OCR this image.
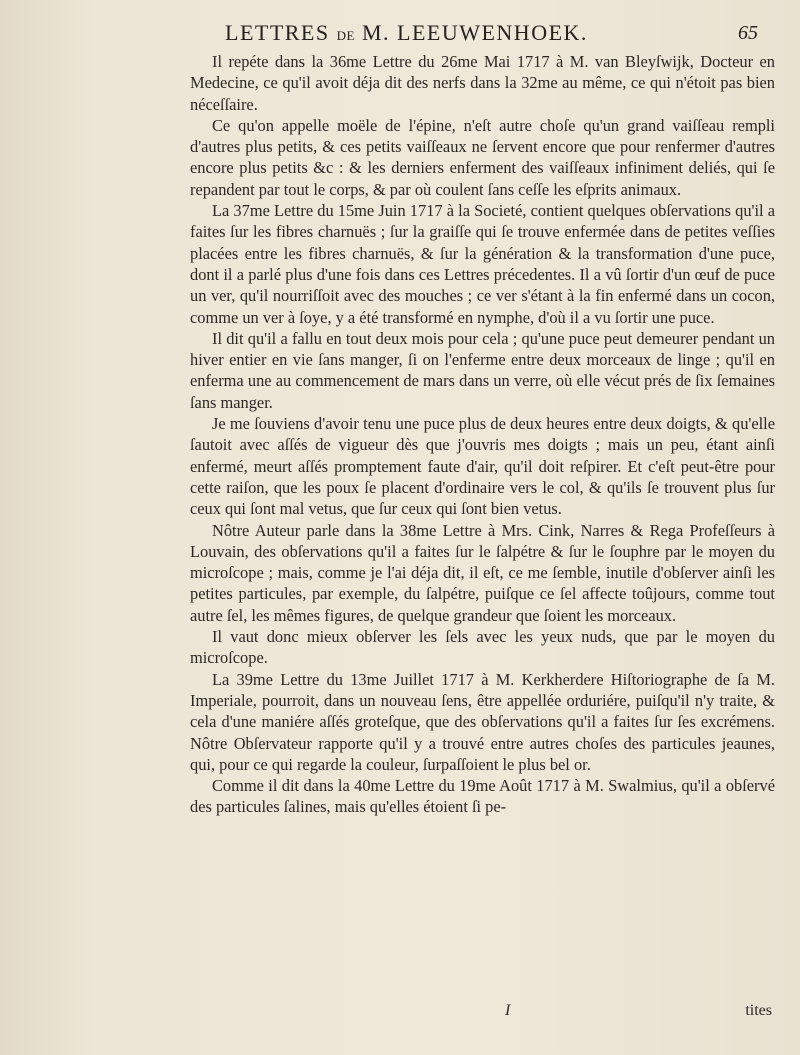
LETTRES DE M. LEEUWENHOEK.	65

Il repéte dans la 36me Lettre du 26me Mai 1717 à M. van Bleyſwijk, Docteur en Medecine, ce qu'il avoit déja dit des nerfs dans la 32me au même, ce qui n'étoit pas bien néceſſaire.

Ce qu'on appelle moële de l'épine, n'eſt autre choſe qu'un grand vaiſſeau rempli d'autres plus petits, & ces petits vaiſſeaux ne ſervent encore que pour renfermer d'autres encore plus petits &c : & les derniers enferment des vaiſſeaux infiniment deliés, qui ſe repandent par tout le corps, & par où coulent ſans ceſſe les eſprits animaux.

La 37me Lettre du 15me Juin 1717 à la Societé, contient quelques obſervations qu'il a faites ſur les fibres charnuës ; ſur la graiſſe qui ſe trouve enfermée dans de petites veſſies placées entre les fibres charnuës, & ſur la génération & la transformation d'une puce, dont il a parlé plus d'une fois dans ces Lettres précedentes. Il a vû ſortir d'un œuf de puce un ver, qu'il nourriſſoit avec des mouches ; ce ver s'étant à la fin enfermé dans un cocon, comme un ver à ſoye, y a été transformé en nymphe, d'où il a vu ſortir une puce.

Il dit qu'il a fallu en tout deux mois pour cela ; qu'une puce peut demeurer pendant un hiver entier en vie ſans manger, ſi on l'enferme entre deux morceaux de linge ; qu'il en enferma une au commencement de mars dans un verre, où elle vécut prés de ſix ſemaines ſans manger.

Je me ſouviens d'avoir tenu une puce plus de deux heures entre deux doigts, & qu'elle ſautoit avec aſſés de vigueur dès que j'ouvris mes doigts ; mais un peu, étant ainſi enfermé, meurt aſſés promptement faute d'air, qu'il doit reſpirer. Et c'eſt peut-être pour cette raiſon, que les poux ſe placent d'ordinaire vers le col, & qu'ils ſe trouvent plus ſur ceux qui ſont mal vetus, que ſur ceux qui ſont bien vetus.

Nôtre Auteur parle dans la 38me Lettre à Mrs. Cink, Narres & Rega Profeſſeurs à Louvain, des obſervations qu'il a faites ſur le ſalpétre & ſur le ſouphre par le moyen du microſcope ; mais, comme je l'ai déja dit, il eſt, ce me ſemble, inutile d'obſerver ainſi les petites particules, par exemple, du ſalpétre, puiſque ce ſel affecte toûjours, comme tout autre ſel, les mêmes figures, de quelque grandeur que ſoient les morceaux.

Il vaut donc mieux obſerver les ſels avec les yeux nuds, que par le moyen du microſcope.

La 39me Lettre du 13me Juillet 1717 à M. Kerkherdere Hiſtoriographe de ſa M. Imperiale, pourroit, dans un nouveau ſens, être appellée orduriére, puiſqu'il n'y traite, & cela d'une maniére aſſés groteſque, que des obſervations qu'il a faites ſur ſes excrémens. Nôtre Obſervateur rapporte qu'il y a trouvé entre autres choſes des particules jeaunes, qui, pour ce qui regarde la couleur, ſurpaſſoient le plus bel or.

Comme il dit dans la 40me Lettre du 19me Août 1717 à M. Swalmius, qu'il a obſervé des particules ſalines, mais qu'elles étoient ſi pe-

I	tites
